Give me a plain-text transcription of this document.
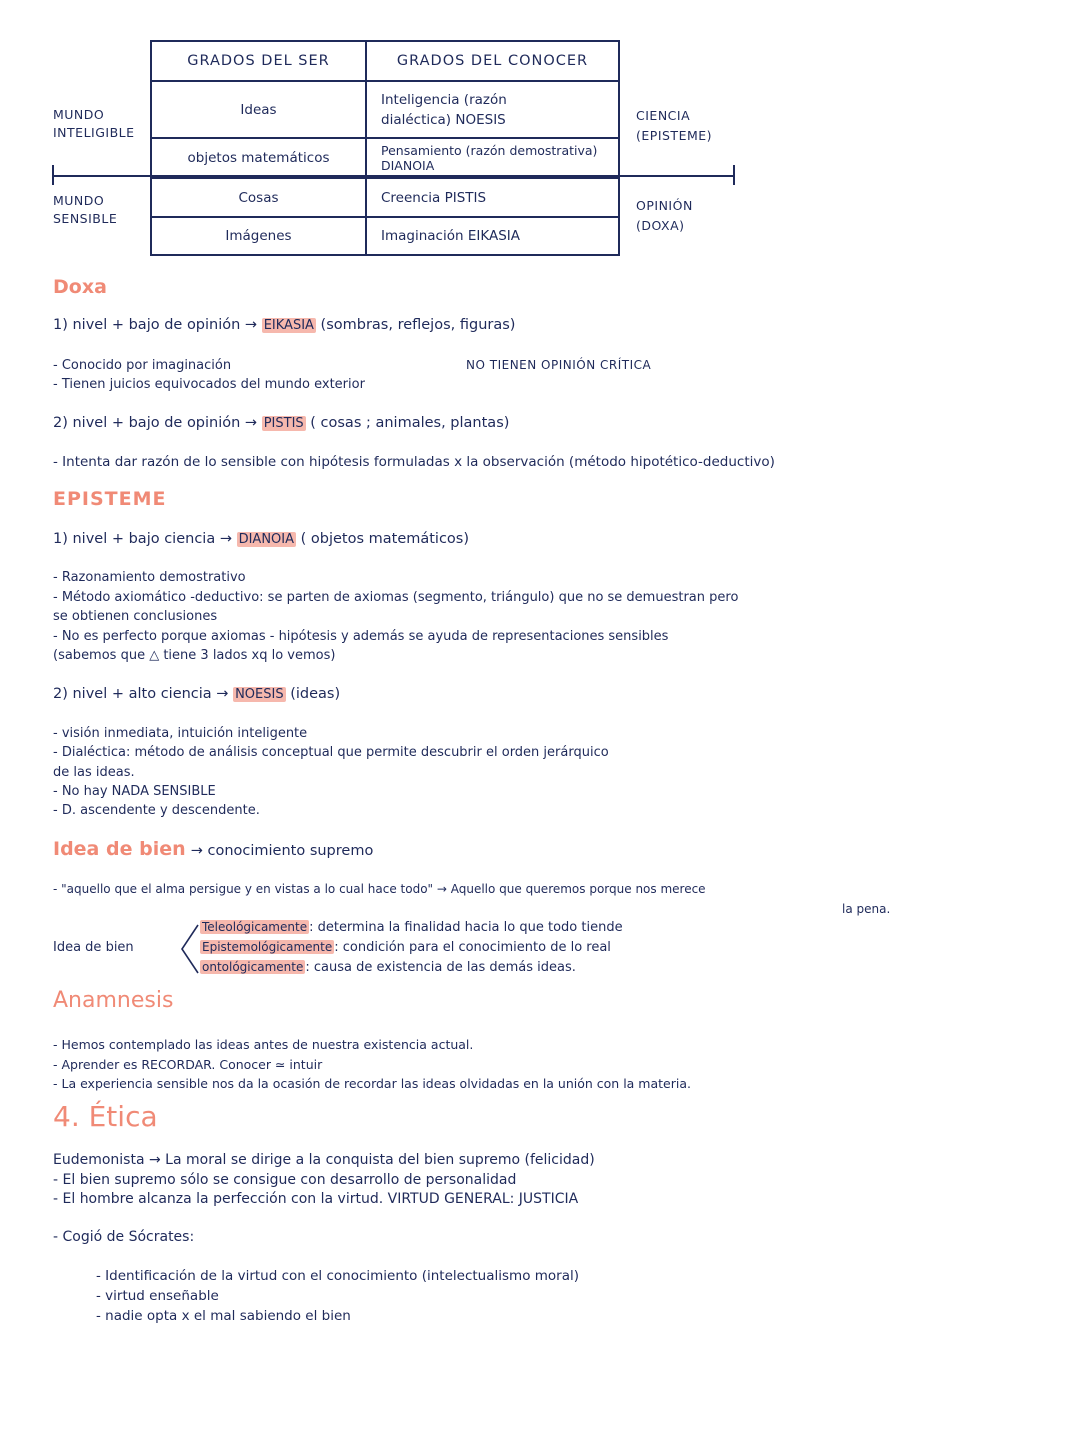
GRADOS DEL SER	GRADOS DEL CONOCER
Ideas	Inteligencia (razón dialéctica) NOESIS
objetos matemáticos	Pensamiento (razón demostrativa) DIANOIA
Cosas	Creencia PISTIS
Imágenes	Imaginación EIKASIA
MUNDO INTELIGIBLE
MUNDO SENSIBLE
CIENCIA (EPISTEME)
OPINIÓN (DOXA)
Doxa
1) nivel + bajo de opinión → EIKASIA (sombras, reflejos, figuras)
- Conocido por imaginación	NO TIENEN OPINIÓN CRÍTICA
- Tienen juicios equivocados del mundo exterior
2) nivel + bajo de opinión → PISTIS ( cosas ; animales, plantas)
- Intenta dar razón de lo sensible con hipótesis formuladas x la observación (método hipotético-deductivo)
EPISTEME
1) nivel + bajo ciencia → DIANOIA ( objetos matemáticos)
- Razonamiento demostrativo
- Método axiomático -deductivo: se parten de axiomas (segmento, triángulo) que no se demuestran pero
se obtienen conclusiones
- No es perfecto porque axiomas - hipótesis y además se ayuda de representaciones sensibles
(sabemos que △ tiene 3 lados xq lo vemos)
2) nivel + alto ciencia → NOESIS (ideas)
- visión inmediata, intuición inteligente
- Dialéctica: método de análisis conceptual que permite descubrir el orden jerárquico
de las ideas.
- No hay NADA SENSIBLE
- D. ascendente y descendente.
Idea de bien → conocimiento supremo
- "aquello que el alma persigue y en vistas a lo cual hace todo" → Aquello que queremos porque nos merece
la pena.
Idea de bien
Teleológicamente : determina la finalidad hacia lo que todo tiende
Epistemológicamente : condición para el conocimiento de lo real
ontológicamente : causa de existencia de las demás ideas.
Anamnesis
- Hemos contemplado las ideas antes de nuestra existencia actual.
- Aprender es RECORDAR. Conocer ≃ intuir
- La experiencia sensible nos da la ocasión de recordar las ideas olvidadas en la unión con la materia.
4. Ética
Eudemonista → La moral se dirige a la conquista del bien supremo (felicidad)
- El bien supremo sólo se consigue con desarrollo de personalidad
- El hombre alcanza la perfección con la virtud. VIRTUD GENERAL: JUSTICIA
- Cogió de Sócrates:
- Identificación de la virtud con el conocimiento (intelectualismo moral)
- virtud enseñable
- nadie opta x el mal sabiendo el bien
